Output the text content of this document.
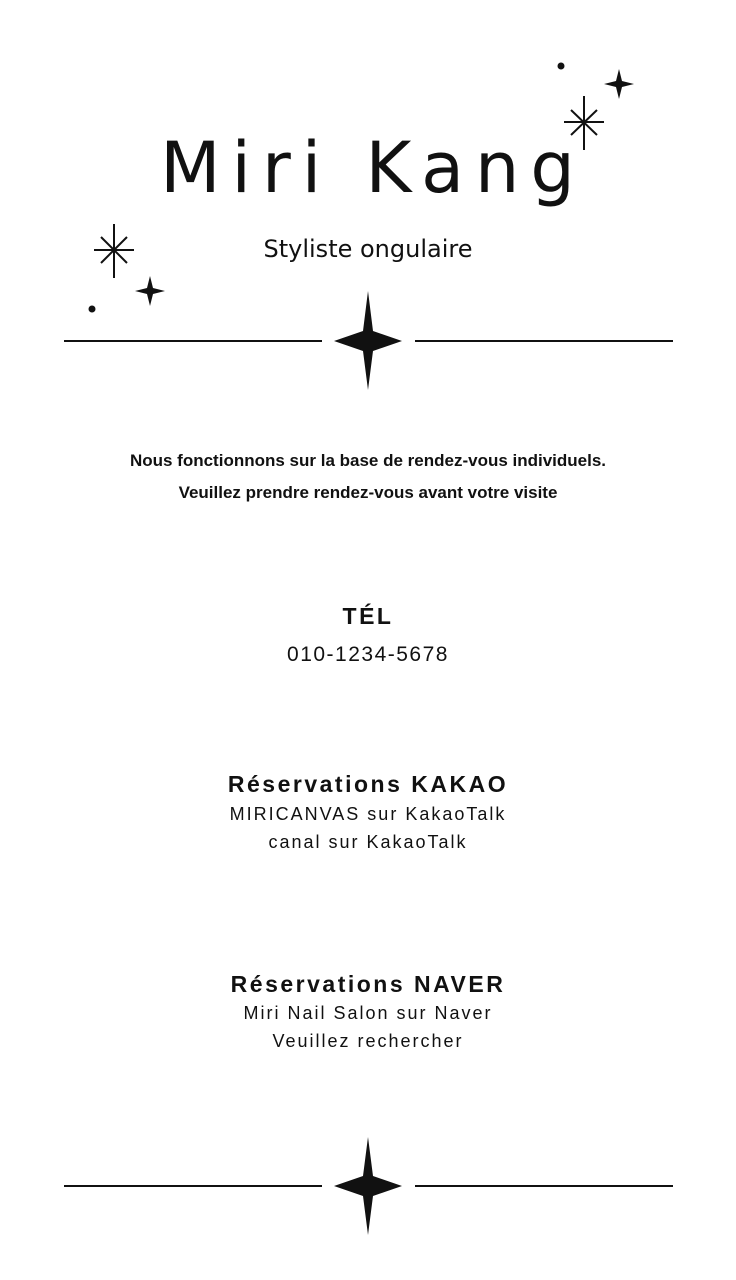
Miri Kang
Styliste ongulaire
Nous fonctionnons sur la base de rendez-vous individuels.
Veuillez prendre rendez-vous avant votre visite
TÉL
010-1234-5678
Réservations KAKAO
MIRICANVAS sur KakaoTalk
canal sur KakaoTalk
Réservations NAVER
Miri Nail Salon sur Naver
Veuillez rechercher
